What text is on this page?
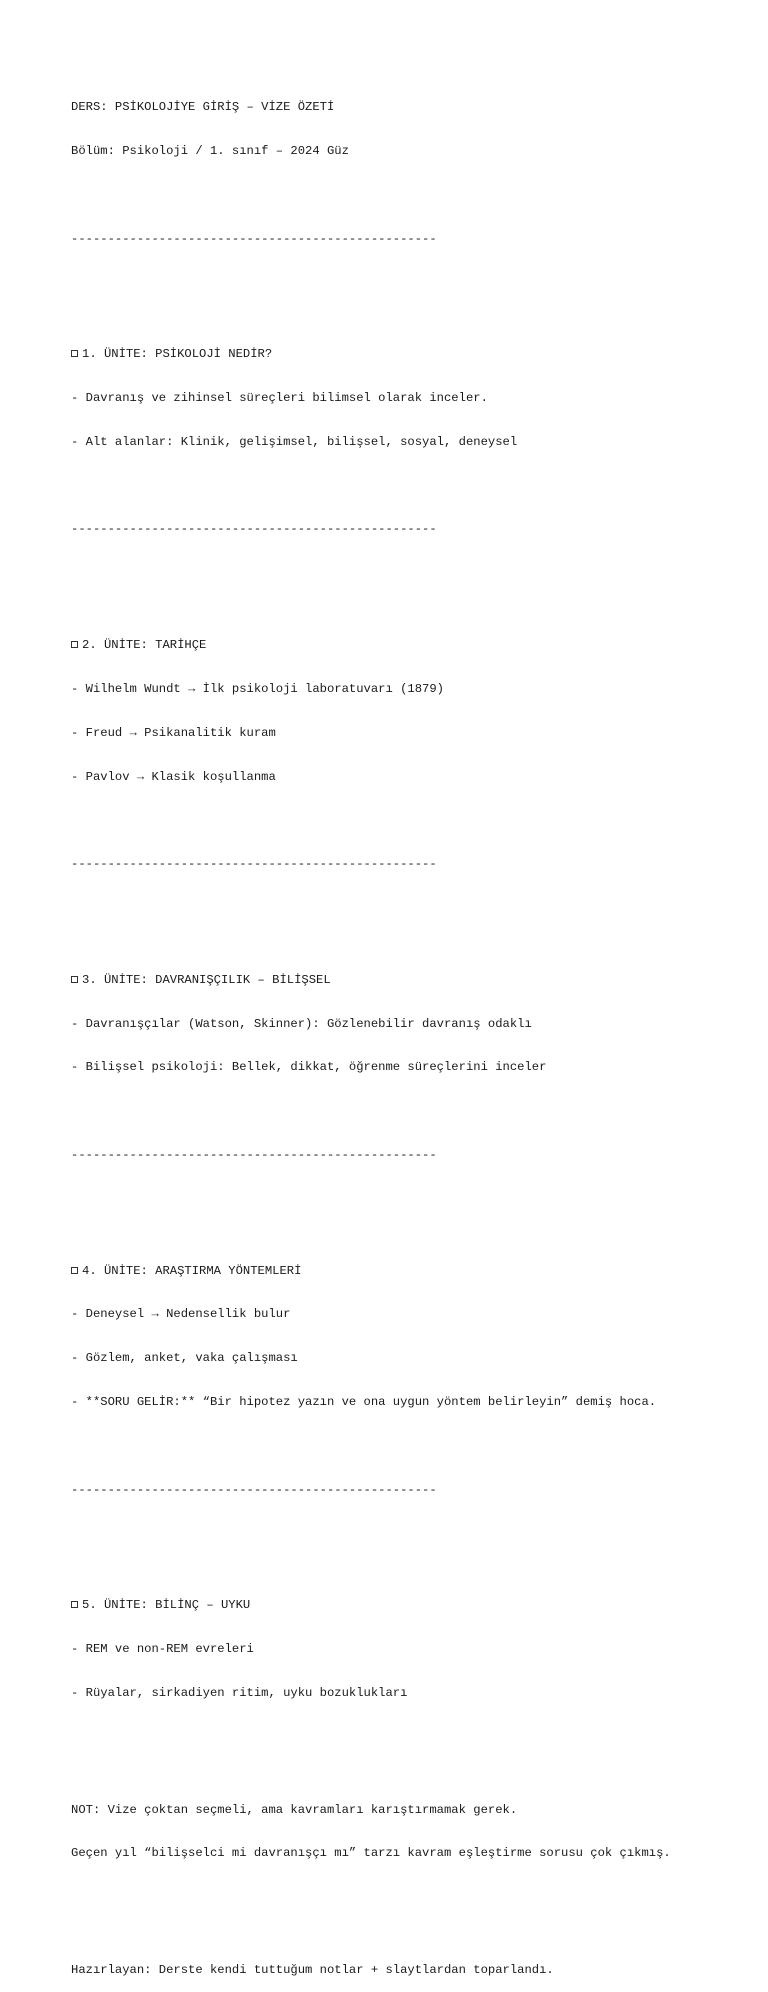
DERS: PSİKOLOJİYE GİRİŞ – VİZE ÖZETİ

Bölüm: Psikoloji / 1. sınıf – 2024 Güz

--------------------------------------------------

1. ÜNİTE: PSİKOLOJİ NEDİR?

- Davranış ve zihinsel süreçleri bilimsel olarak inceler.

- Alt alanlar: Klinik, gelişimsel, bilişsel, sosyal, deneysel

--------------------------------------------------

2. ÜNİTE: TARİHÇE

- Wilhelm Wundt → İlk psikoloji laboratuvarı (1879)

- Freud → Psikanalitik kuram

- Pavlov → Klasik koşullanma

--------------------------------------------------

3. ÜNİTE: DAVRANIŞÇILIK – BİLİŞSEL

- Davranışçılar (Watson, Skinner): Gözlenebilir davranış odaklı

- Bilişsel psikoloji: Bellek, dikkat, öğrenme süreçlerini inceler

--------------------------------------------------

4. ÜNİTE: ARAŞTIRMA YÖNTEMLERİ

- Deneysel → Nedensellik bulur

- Gözlem, anket, vaka çalışması

- **SORU GELİR:** “Bir hipotez yazın ve ona uygun yöntem belirleyin” demiş hoca.

--------------------------------------------------

5. ÜNİTE: BİLİNÇ – UYKU

- REM ve non-REM evreleri

- Rüyalar, sirkadiyen ritim, uyku bozuklukları

NOT: Vize çoktan seçmeli, ama kavramları karıştırmamak gerek.

Geçen yıl “bilişselci mi davranışçı mı” tarzı kavram eşleştirme sorusu çok çıkmış.

Hazırlayan: Derste kendi tuttuğum notlar + slaytlardan toparlandı.
